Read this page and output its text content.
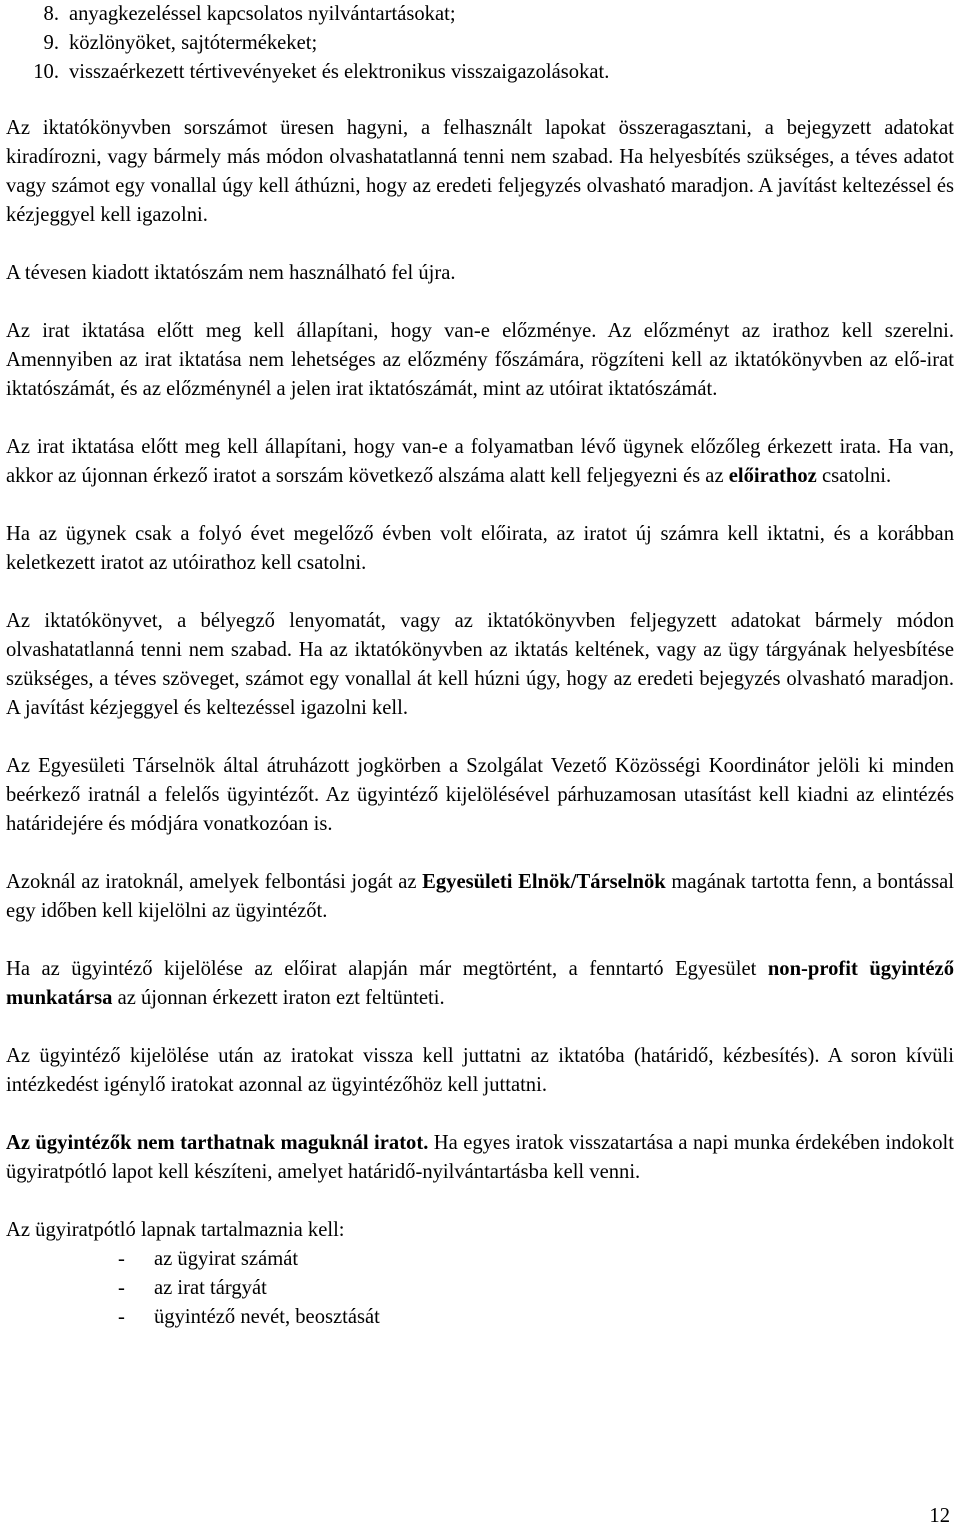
8. anyagkezeléssel kapcsolatos nyilvántartásokat;
9. közlönyöket, sajtótermékeket;
10. visszaérkezett tértivevényeket és elektronikus visszaigazolásokat.

Az iktatókönyvben sorszámot üresen hagyni, a felhasznált lapokat összeragasztani, a bejegyzett adatokat kiradírozni, vagy bármely más módon olvashatatlanná tenni nem szabad. Ha helyesbítés szükséges, a téves adatot vagy számot egy vonallal úgy kell áthúzni, hogy az eredeti feljegyzés olvasható maradjon. A javítást keltezéssel és kézjeggyel kell igazolni.

A tévesen kiadott iktatószám nem használható fel újra.

Az irat iktatása előtt meg kell állapítani, hogy van-e előzménye. Az előzményt az irathoz kell szerelni. Amennyiben az irat iktatása nem lehetséges az előzmény főszámára, rögzíteni kell az iktatókönyvben az elő-irat iktatószámát, és az előzménynél a jelen irat iktatószámát, mint az utóirat iktatószámát.

Az irat iktatása előtt meg kell állapítani, hogy van-e a folyamatban lévő ügynek előzőleg érkezett irata. Ha van, akkor az újonnan érkező iratot a sorszám következő alszáma alatt kell feljegyezni és az előirathoz csatolni.

Ha az ügynek csak a folyó évet megelőző évben volt előirata, az iratot új számra kell iktatni, és a korábban keletkezett iratot az utóirathoz kell csatolni.

Az iktatókönyvet, a bélyegző lenyomatát, vagy az iktatókönyvben feljegyzett adatokat bármely módon olvashatatlanná tenni nem szabad. Ha az iktatókönyvben az iktatás keltének, vagy az ügy tárgyának helyesbítése szükséges, a téves szöveget, számot egy vonallal át kell húzni úgy, hogy az eredeti bejegyzés olvasható maradjon. A javítást kézjeggyel és keltezéssel igazolni kell.

Az Egyesületi Társelnök által átruházott jogkörben a Szolgálat Vezető Közösségi Koordinátor jelöli ki minden beérkező iratnál a felelős ügyintézőt. Az ügyintéző kijelölésével párhuzamosan utasítást kell kiadni az elintézés határidejére és módjára vonatkozóan is.

Azoknál az iratoknál, amelyek felbontási jogát az Egyesületi Elnök/Társelnök magának tartotta fenn, a bontással egy időben kell kijelölni az ügyintézőt.

Ha az ügyintéző kijelölése az előirat alapján már megtörtént, a fenntartó Egyesület non-profit ügyintéző munkatársa az újonnan érkezett iraton ezt feltünteti.

Az ügyintéző kijelölése után az iratokat vissza kell juttatni az iktatóba (határidő, kézbesítés). A soron kívüli intézkedést igénylő iratokat azonnal az ügyintézőhöz kell juttatni.

Az ügyintézők nem tarthatnak maguknál iratot. Ha egyes iratok visszatartása a napi munka érdekében indokolt ügyiratpótló lapot kell készíteni, amelyet határidő-nyilvántartásba kell venni.

Az ügyiratpótló lapnak tartalmaznia kell:

-	az ügyirat számát
-	az irat tárgyát
-	ügyintéző nevét, beosztását
12
